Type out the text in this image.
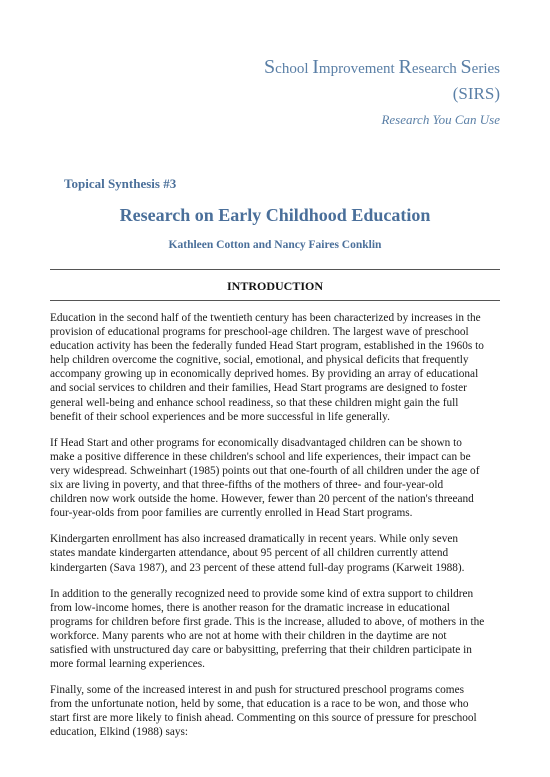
School Improvement Research Series
(SIRS)
Research You Can Use
Topical Synthesis #3
Research on Early Childhood Education
Kathleen Cotton and Nancy Faires Conklin
INTRODUCTION

Education in the second half of the twentieth century has been characterized by increases in the
provision of educational programs for preschool-age children. The largest wave of preschool
education activity has been the federally funded Head Start program, established in the 1960s to
help children overcome the cognitive, social, emotional, and physical deficits that frequently
accompany growing up in economically deprived homes. By providing an array of educational
and social services to children and their families, Head Start programs are designed to foster
general well-being and enhance school readiness, so that these children might gain the full
benefit of their school experiences and be more successful in life generally.

If Head Start and other programs for economically disadvantaged children can be shown to
make a positive difference in these children's school and life experiences, their impact can be
very widespread. Schweinhart (1985) points out that one-fourth of all children under the age of
six are living in poverty, and that three-fifths of the mothers of three- and four-year-old
children now work outside the home. However, fewer than 20 percent of the nation's threeand
four-year-olds from poor families are currently enrolled in Head Start programs.

Kindergarten enrollment has also increased dramatically in recent years. While only seven
states mandate kindergarten attendance, about 95 percent of all children currently attend
kindergarten (Sava 1987), and 23 percent of these attend full-day programs (Karweit 1988).

In addition to the generally recognized need to provide some kind of extra support to children
from low-income homes, there is another reason for the dramatic increase in educational
programs for children before first grade. This is the increase, alluded to above, of mothers in the
workforce. Many parents who are not at home with their children in the daytime are not
satisfied with unstructured day care or babysitting, preferring that their children participate in
more formal learning experiences.

Finally, some of the increased interest in and push for structured preschool programs comes
from the unfortunate notion, held by some, that education is a race to be won, and those who
start first are more likely to finish ahead. Commenting on this source of pressure for preschool
education, Elkind (1988) says:
